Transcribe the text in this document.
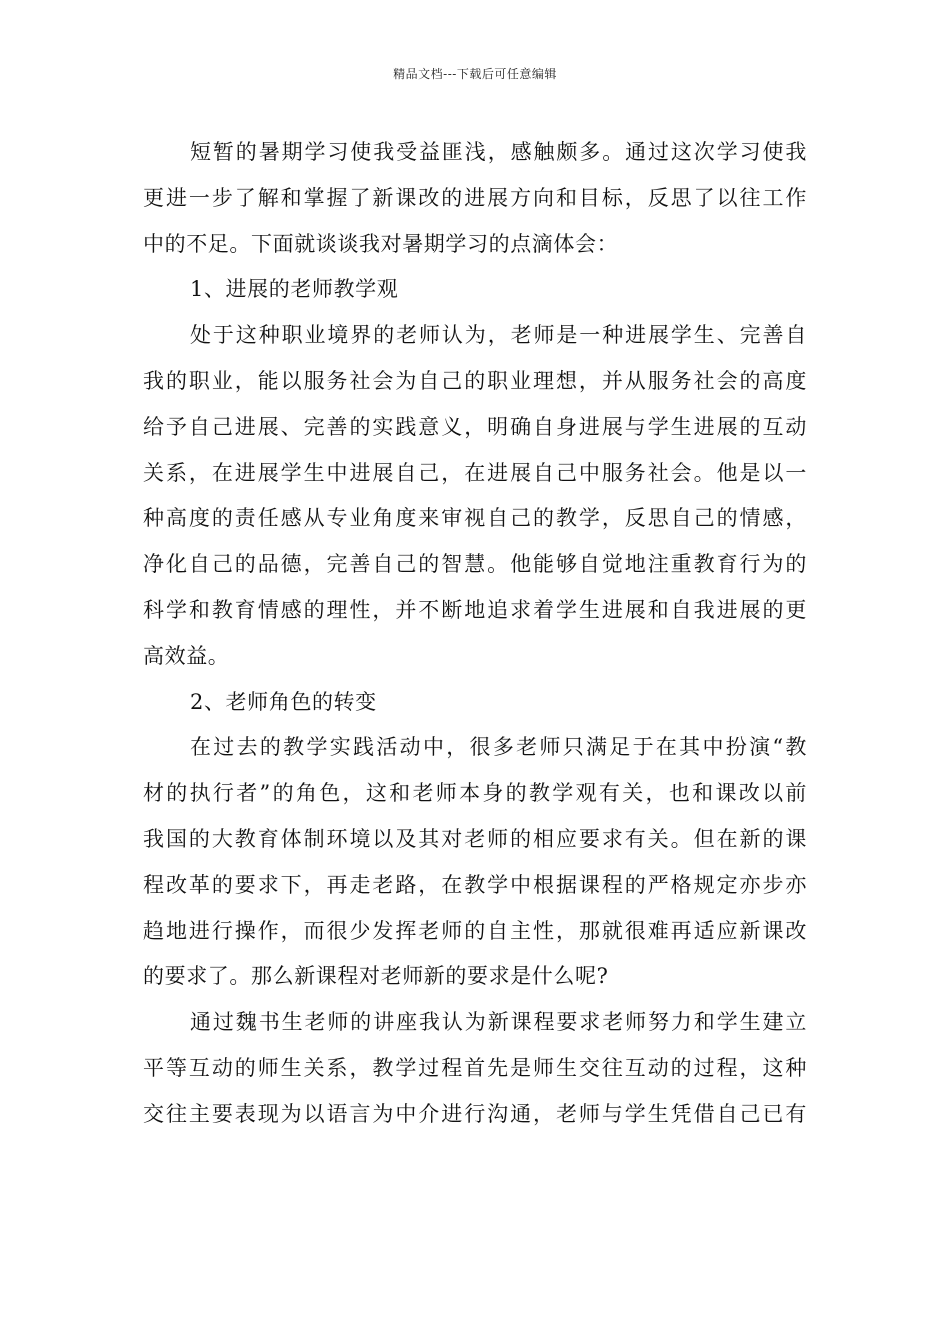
精品文档---下载后可任意编辑
短暂的暑期学习使我受益匪浅，感触颇多。通过这次学习使我
更进一步了解和掌握了新课改的进展方向和目标，反思了以往工作
中的不足。下面就谈谈我对暑期学习的点滴体会：
1、进展的老师教学观
处于这种职业境界的老师认为，老师是一种进展学生、完善自
我的职业，能以服务社会为自己的职业理想，并从服务社会的高度
给予自己进展、完善的实践意义，明确自身进展与学生进展的互动
关系，在进展学生中进展自己，在进展自己中服务社会。他是以一
种高度的责任感从专业角度来审视自己的教学，反思自己的情感，
净化自己的品德，完善自己的智慧。他能够自觉地注重教育行为的
科学和教育情感的理性，并不断地追求着学生进展和自我进展的更
高效益。
2、老师角色的转变
在过去的教学实践活动中，很多老师只满足于在其中扮演“教
材的执行者”的角色，这和老师本身的教学观有关，也和课改以前
我国的大教育体制环境以及其对老师的相应要求有关。但在新的课
程改革的要求下，再走老路，在教学中根据课程的严格规定亦步亦
趋地进行操作，而很少发挥老师的自主性，那就很难再适应新课改
的要求了。那么新课程对老师新的要求是什么呢?
通过魏书生老师的讲座我认为新课程要求老师努力和学生建立
平等互动的师生关系，教学过程首先是师生交往互动的过程，这种
交往主要表现为以语言为中介进行沟通，老师与学生凭借自己已有
